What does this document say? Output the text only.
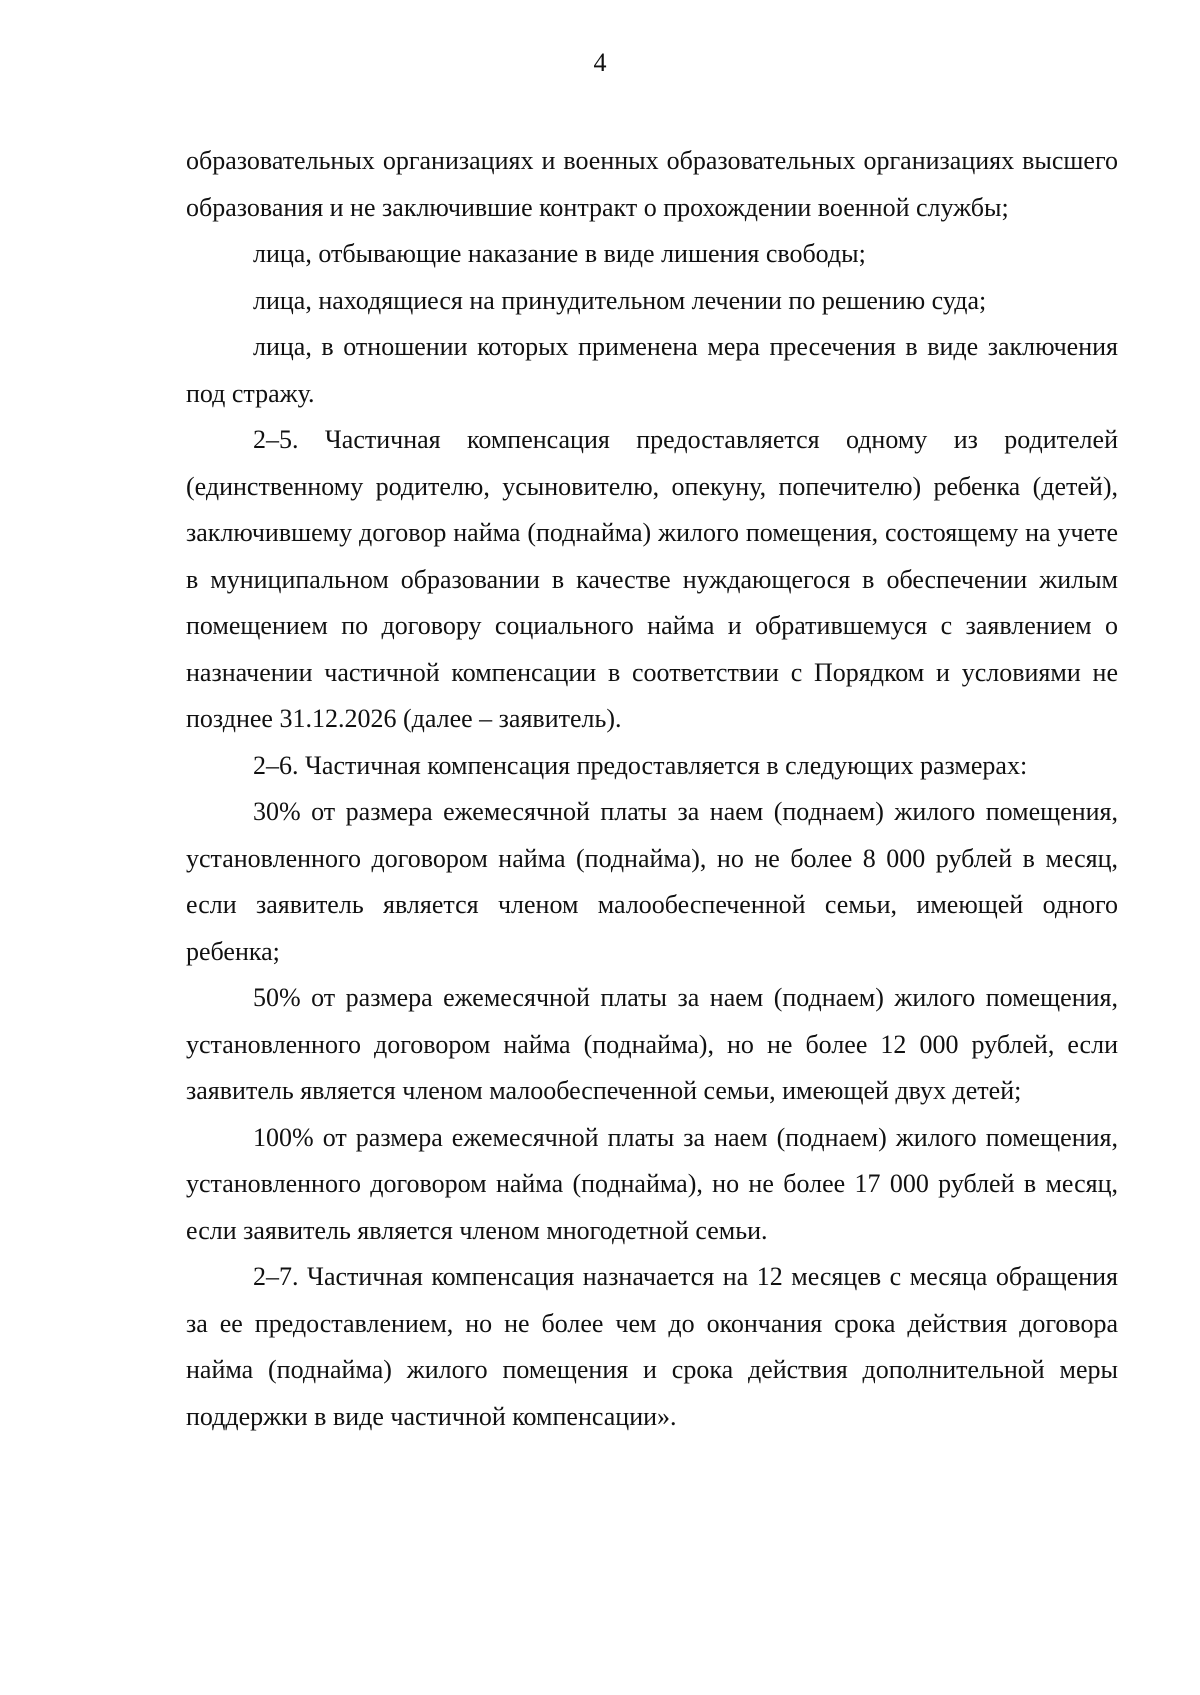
4

образовательных организациях и военных образовательных организациях высшего образования и не заключившие контракт о прохождении военной службы;

лица, отбывающие наказание в виде лишения свободы;

лица, находящиеся на принудительном лечении по решению суда;

лица, в отношении которых применена мера пресечения в виде заключения под стражу.

2–5. Частичная компенсация предоставляется одному из родителей (единственному родителю, усыновителю, опекуну, попечителю) ребенка (детей), заключившему договор найма (поднайма) жилого помещения, состоящему на учете в муниципальном образовании в качестве нуждающегося в обеспечении жилым помещением по договору социального найма и обратившемуся с заявлением о назначении частичной компенсации в соответствии с Порядком и условиями не позднее 31.12.2026 (далее – заявитель).

2–6. Частичная компенсация предоставляется в следующих размерах:

30% от размера ежемесячной платы за наем (поднаем) жилого помещения, установленного договором найма (поднайма), но не более 8 000 рублей в месяц, если заявитель является членом малообеспеченной семьи, имеющей одного ребенка;

50% от размера ежемесячной платы за наем (поднаем) жилого помещения, установленного договором найма (поднайма), но не более 12 000 рублей, если заявитель является членом малообеспеченной семьи, имеющей двух детей;

100% от размера ежемесячной платы за наем (поднаем) жилого помещения, установленного договором найма (поднайма), но не более 17 000 рублей в месяц, если заявитель является членом многодетной семьи.

2–7. Частичная компенсация назначается на 12 месяцев с месяца обращения за ее предоставлением, но не более чем до окончания срока действия договора найма (поднайма) жилого помещения и срока действия дополнительной меры поддержки в виде частичной компенсации».
